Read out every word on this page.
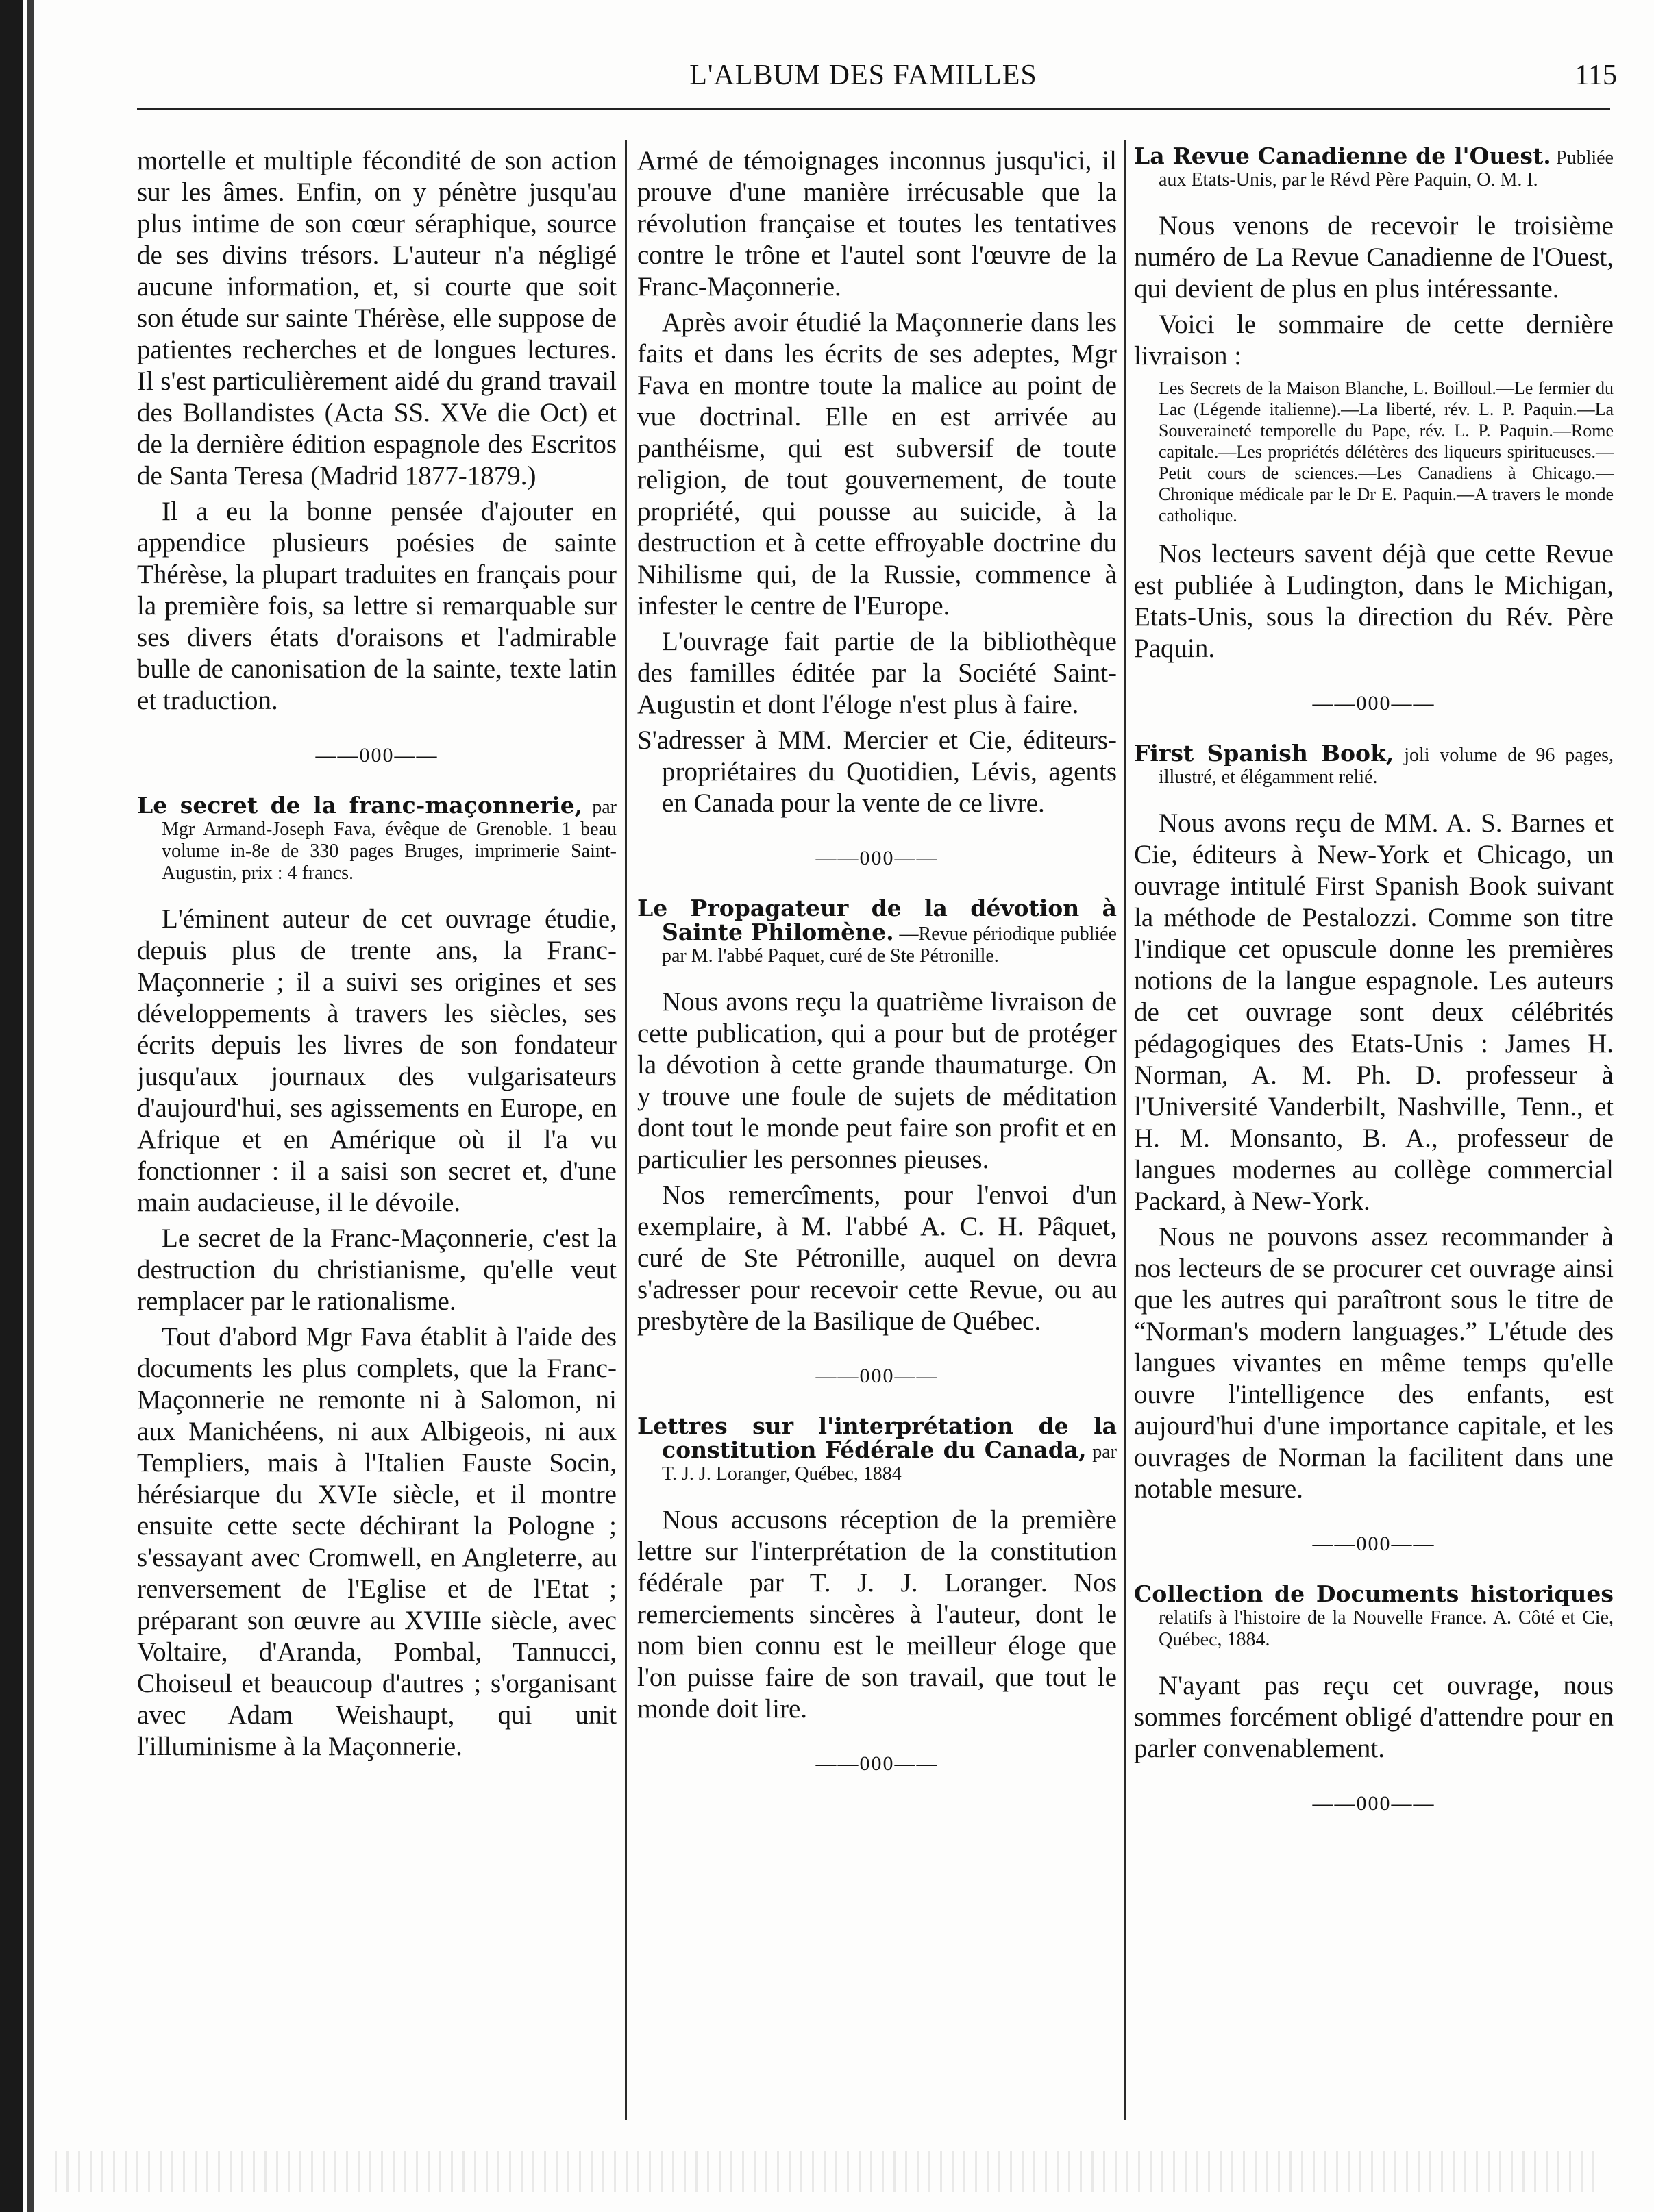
L'ALBUM DES FAMILLES	115

mortelle et multiple fécondité de son action sur les âmes. Enfin, on y pénètre jusqu'au plus intime de son cœur séraphique, source de ses divins trésors. L'auteur n'a négligé aucune information, et, si courte que soit son étude sur sainte Thérèse, elle suppose de patientes recherches et de longues lectures. Il s'est particulièrement aidé du grand travail des Bollandistes (Acta SS. XVe die Oct) et de la dernière édition espagnole des Escritos de Santa Teresa (Madrid 1877-1879.)

Il a eu la bonne pensée d'ajouter en appendice plusieurs poésies de sainte Thérèse, la plupart traduites en français pour la première fois, sa lettre si remarquable sur ses divers états d'oraisons et l'admirable bulle de canonisation de la sainte, texte latin et traduction.

——000——
Le secret de la franc-maçonnerie, par Mgr Armand-Joseph Fava, évêque de Grenoble. 1 beau volume in-8e de 330 pages Bruges, imprimerie Saint-Augustin, prix : 4 francs.

L'éminent auteur de cet ouvrage étudie, depuis plus de trente ans, la Franc-Maçonnerie ; il a suivi ses origines et ses développements à travers les siècles, ses écrits depuis les livres de son fondateur jusqu'aux journaux des vulgarisateurs d'aujourd'hui, ses agissements en Europe, en Afrique et en Amérique où il l'a vu fonctionner : il a saisi son secret et, d'une main audacieuse, il le dévoile.

Le secret de la Franc-Maçonnerie, c'est la destruction du christianisme, qu'elle veut remplacer par le rationalisme.

Tout d'abord Mgr Fava établit à l'aide des documents les plus complets, que la Franc-Maçonnerie ne remonte ni à Salomon, ni aux Manichéens, ni aux Albigeois, ni aux Templiers, mais à l'Italien Fauste Socin, hérésiarque du XVIe siècle, et il montre ensuite cette secte déchirant la Pologne ; s'essayant avec Cromwell, en Angleterre, au renversement de l'Eglise et de l'Etat ; préparant son œuvre au XVIIIe siècle, avec Voltaire, d'Aranda, Pombal, Tannucci, Choiseul et beaucoup d'autres ; s'organisant avec Adam Weishaupt, qui unit l'illuminisme à la Maçonnerie.

Armé de témoignages inconnus jusqu'ici, il prouve d'une manière irrécusable que la révolution française et toutes les tentatives contre le trône et l'autel sont l'œuvre de la Franc-Maçonnerie.

Après avoir étudié la Maçonnerie dans les faits et dans les écrits de ses adeptes, Mgr Fava en montre toute la malice au point de vue doctrinal. Elle en est arrivée au panthéisme, qui est subversif de toute religion, de tout gouvernement, de toute propriété, qui pousse au suicide, à la destruction et à cette effroyable doctrine du Nihilisme qui, de la Russie, commence à infester le centre de l'Europe.

L'ouvrage fait partie de la bibliothèque des familles éditée par la Société Saint-Augustin et dont l'éloge n'est plus à faire.

S'adresser à MM. Mercier et Cie, éditeurs-propriétaires du Quotidien, Lévis, agents en Canada pour la vente de ce livre.

——000——
Le Propagateur de la dévotion à Sainte Philomène. —Revue périodique publiée par M. l'abbé Paquet, curé de Ste Pétronille.

Nous avons reçu la quatrième livraison de cette publication, qui a pour but de protéger la dévotion à cette grande thaumaturge. On y trouve une foule de sujets de méditation dont tout le monde peut faire son profit et en particulier les personnes pieuses.

Nos remercîments, pour l'envoi d'un exemplaire, à M. l'abbé A. C. H. Pâquet, curé de Ste Pétronille, auquel on devra s'adresser pour recevoir cette Revue, ou au presbytère de la Basilique de Québec.

——000——
Lettres sur l'interprétation de la constitution Fédérale du Canada, par T. J. J. Loranger, Québec, 1884

Nous accusons réception de la première lettre sur l'interprétation de la constitution fédérale par T. J. J. Loranger. Nos remerciements sincères à l'auteur, dont le nom bien connu est le meilleur éloge que l'on puisse faire de son travail, que tout le monde doit lire.

——000——
La Revue Canadienne de l'Ouest. Publiée aux Etats-Unis, par le Révd Père Paquin, O. M. I.

Nous venons de recevoir le troisième numéro de La Revue Canadienne de l'Ouest, qui devient de plus en plus intéressante.

Voici le sommaire de cette dernière livraison :

Les Secrets de la Maison Blanche, L. Boilloul.—Le fermier du Lac (Légende italienne).—La liberté, rév. L. P. Paquin.—La Souveraineté temporelle du Pape, rév. L. P. Paquin.—Rome capitale.—Les propriétés délétères des liqueurs spiritueuses.—Petit cours de sciences.—Les Canadiens à Chicago.—Chronique médicale par le Dr E. Paquin.—A travers le monde catholique.

Nos lecteurs savent déjà que cette Revue est publiée à Ludington, dans le Michigan, Etats-Unis, sous la direction du Rév. Père Paquin.

——000——
First Spanish Book, joli volume de 96 pages, illustré, et élégamment relié.

Nous avons reçu de MM. A. S. Barnes et Cie, éditeurs à New-York et Chicago, un ouvrage intitulé First Spanish Book suivant la méthode de Pestalozzi. Comme son titre l'indique cet opuscule donne les premières notions de la langue espagnole. Les auteurs de cet ouvrage sont deux célébrités pédagogiques des Etats-Unis : James H. Norman, A. M. Ph. D. professeur à l'Université Vanderbilt, Nashville, Tenn., et H. M. Monsanto, B. A., professeur de langues modernes au collège commercial Packard, à New-York.

Nous ne pouvons assez recommander à nos lecteurs de se procurer cet ouvrage ainsi que les autres qui paraîtront sous le titre de “Norman's modern languages.” L'étude des langues vivantes en même temps qu'elle ouvre l'intelligence des enfants, est aujourd'hui d'une importance capitale, et les ouvrages de Norman la facilitent dans une notable mesure.

——000——
Collection de Documents historiques relatifs à l'histoire de la Nouvelle France. A. Côté et Cie, Québec, 1884.

N'ayant pas reçu cet ouvrage, nous sommes forcément obligé d'attendre pour en parler convenablement.

——000——
